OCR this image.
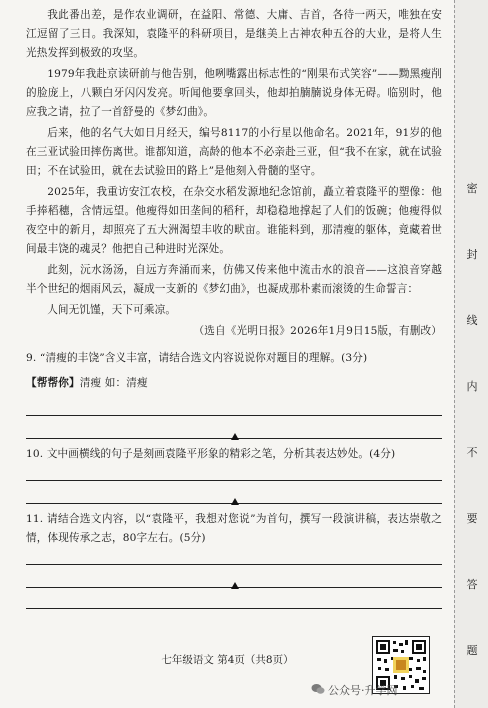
我此番出差，是作农业调研，在益阳、常德、大庸、吉首，各待一两天，唯独在安江逗留了三日。我深知，袁隆平的科研项目，是继美上古神农种五谷的大业，是将人生光热发挥到极致的攻坚。

1979年我赴京读研前与他告别，他咧嘴露出标志性的“刚果布式笑容”——黝黑瘦削的脸庞上，八颗白牙闪闪发亮。听闻他要拿回头，他却拍腩腩说身体无碍。临别时，他应我之请，拉了一首舒曼的《梦幻曲》。

后来，他的名气大如日月经天，编号8117的小行星以他命名。2021年，91岁的他在三亚试验田摔伤离世。谁都知道，高龄的他本不必亲赴三亚，但“我不在家，就在试验田；不在试验田，就在去试验田的路上”是他刻入骨髓的坚守。

2025年，我重访安江农校，在杂交水稻发源地纪念馆前，矗立着袁隆平的塑像：他手捧稻穗，含情远望。他瘦得如田垄间的稻秆，却稳稳地撑起了人们的饭碗；他瘦得似夜空中的新月，却照亮了五大洲渴望丰收的畎亩。谁能料到，那清瘦的躯体，竟藏着世间最丰饶的魂灵？他把自己种进时光深处。

此刻，沅水汤汤，自远方奔涌而来，仿佛又传来他中流击水的浪音——这浪音穿越半个世纪的烟雨风云，凝成一支新的《梦幻曲》，也凝成那朴素而滚烫的生命誓言：

人间无饥馑，天下可乘凉。

（选自《光明日报》2026年1月9日15版，有删改）

9. “清瘦的丰饶”含义丰富，请结合选文内容说说你对题目的理解。(3分)

【帮帮你】清瘦 如：清瘦

10. 文中画横线的句子是刻画袁隆平形象的精彩之笔，分析其表达妙处。(4分)

11. 请结合选文内容，以“袁隆平，我想对您说”为首句，撰写一段演讲稿，表达崇敬之情，体现传承之志，80字左右。(5分)

七年级语文 第4页（共8页）
密
封
线
内
不
要
答
题
公众号·升学网
